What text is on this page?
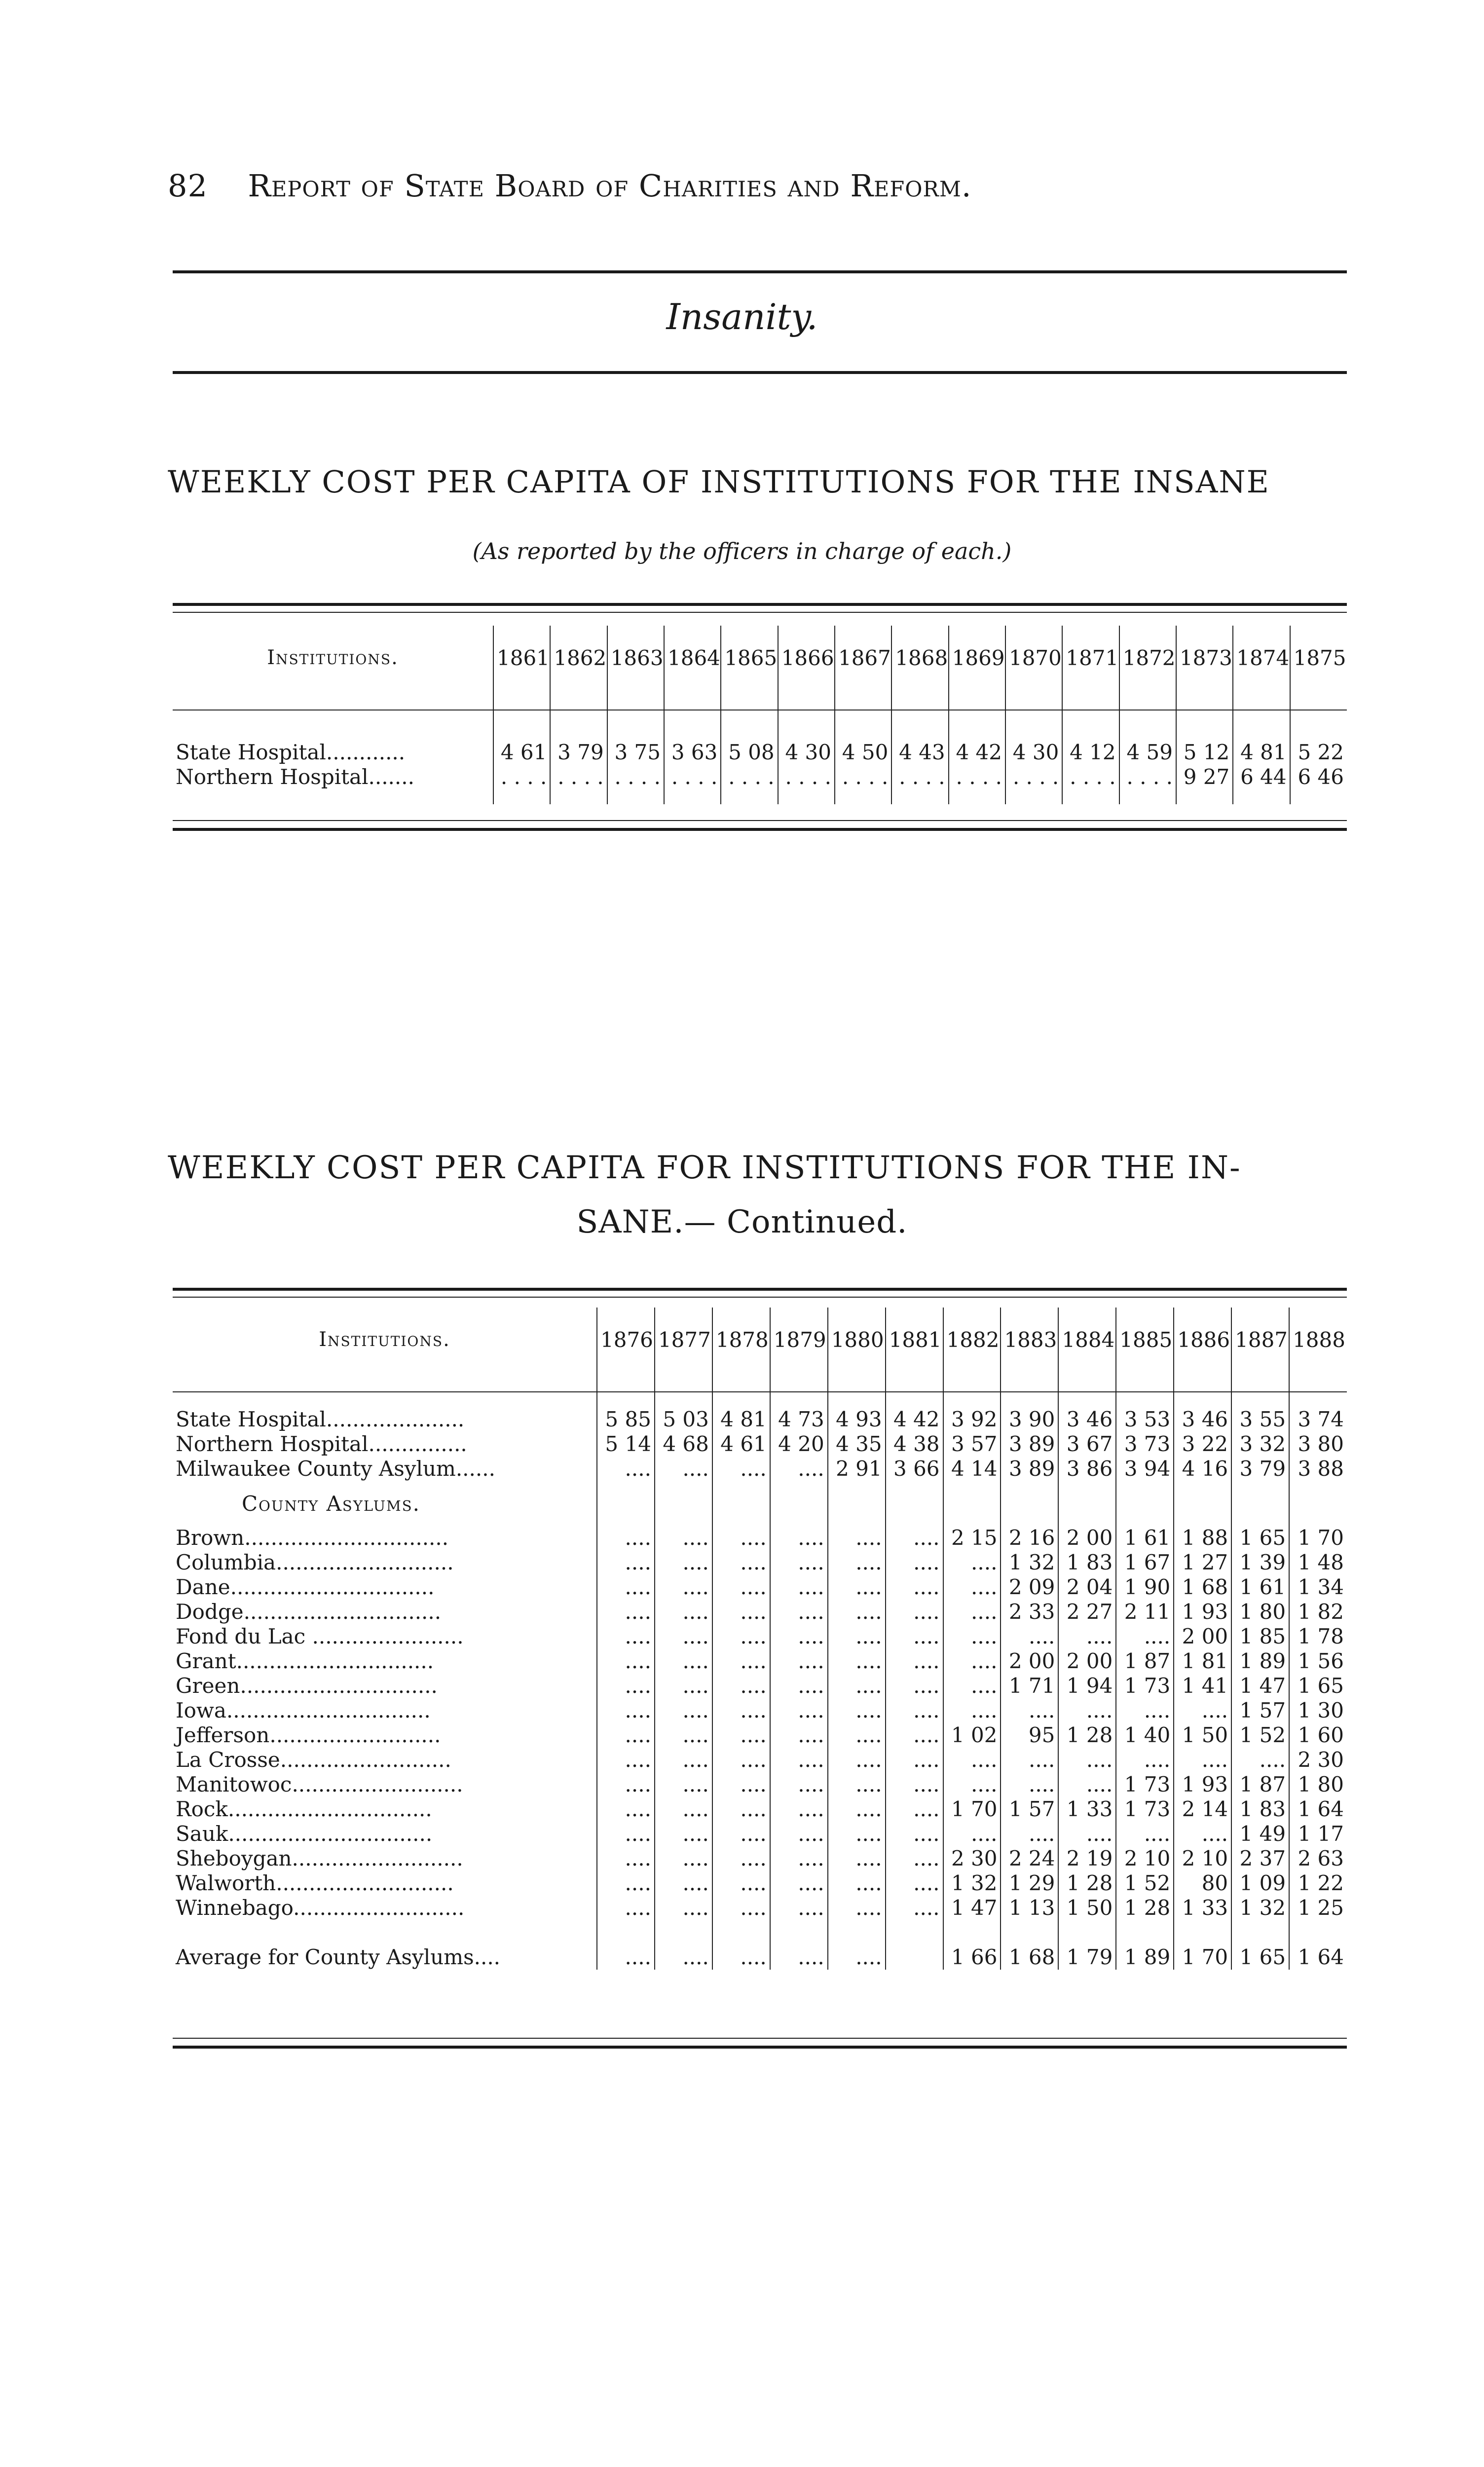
82 Report of State Board of Charities and Reform.
Insanity.
WEEKLY COST PER CAPITA OF INSTITUTIONS FOR THE INSANE
(As reported by the officers in charge of each.)
Institutions.	1861	1862	1863	1864	1865	1866	1867	1868	1869	1870	1871	1872	1873	1874	1875

State Hospital............	4 61	3 79	3 75	3 63	5 08	4 30	4 50	4 43	4 42	4 30	4 12	4 59	5 12	4 81	5 22
Northern Hospital.......	. . . .	. . . .	. . . .	. . . .	. . . .	. . . .	. . . .	. . . .	. . . .	. . . .	. . . .	. . . .	9 27	6 44	6 46

WEEKLY COST PER CAPITA FOR INSTITUTIONS FOR THE IN-
SANE.— Continued.
Institutions.	1876	1877	1878	1879	1880	1881	1882	1883	1884	1885	1886	1887	1888

State Hospital.....................	5 85	5 03	4 81	4 73	4 93	4 42	3 92	3 90	3 46	3 53	3 46	3 55	3 74
Northern Hospital...............	5 14	4 68	4 61	4 20	4 35	4 38	3 57	3 89	3 67	3 73	3 22	3 32	3 80
Milwaukee County Asylum......	....	....	....	....	2 91	3 66	4 14	3 89	3 86	3 94	4 16	3 79	3 88
County Asylums.													
Brown...............................	....	....	....	....	....	....	2 15	2 16	2 00	1 61	1 88	1 65	1 70
Columbia...........................	....	....	....	....	....	....	....	1 32	1 83	1 67	1 27	1 39	1 48
Dane...............................	....	....	....	....	....	....	....	2 09	2 04	1 90	1 68	1 61	1 34
Dodge..............................	....	....	....	....	....	....	....	2 33	2 27	2 11	1 93	1 80	1 82
Fond du Lac .......................	....	....	....	....	....	....	....	....	....	....	2 00	1 85	1 78
Grant..............................	....	....	....	....	....	....	....	2 00	2 00	1 87	1 81	1 89	1 56
Green..............................	....	....	....	....	....	....	....	1 71	1 94	1 73	1 41	1 47	1 65
Iowa...............................	....	....	....	....	....	....	....	....	....	....	....	1 57	1 30
Jefferson..........................	....	....	....	....	....	....	1 02	95	1 28	1 40	1 50	1 52	1 60
La Crosse..........................	....	....	....	....	....	....	....	....	....	....	....	....	2 30
Manitowoc..........................	....	....	....	....	....	....	....	....	....	1 73	1 93	1 87	1 80
Rock...............................	....	....	....	....	....	....	1 70	1 57	1 33	1 73	2 14	1 83	1 64
Sauk...............................	....	....	....	....	....	....	....	....	....	....	....	1 49	1 17
Sheboygan..........................	....	....	....	....	....	....	2 30	2 24	2 19	2 10	2 10	2 37	2 63
Walworth...........................	....	....	....	....	....	....	1 32	1 29	1 28	1 52	80	1 09	1 22
Winnebago..........................	....	....	....	....	....	....	1 47	1 13	1 50	1 28	1 33	1 32	1 25

Average for County Asylums....	....	....	....	....	....		1 66	1 68	1 79	1 89	1 70	1 65	1 64
